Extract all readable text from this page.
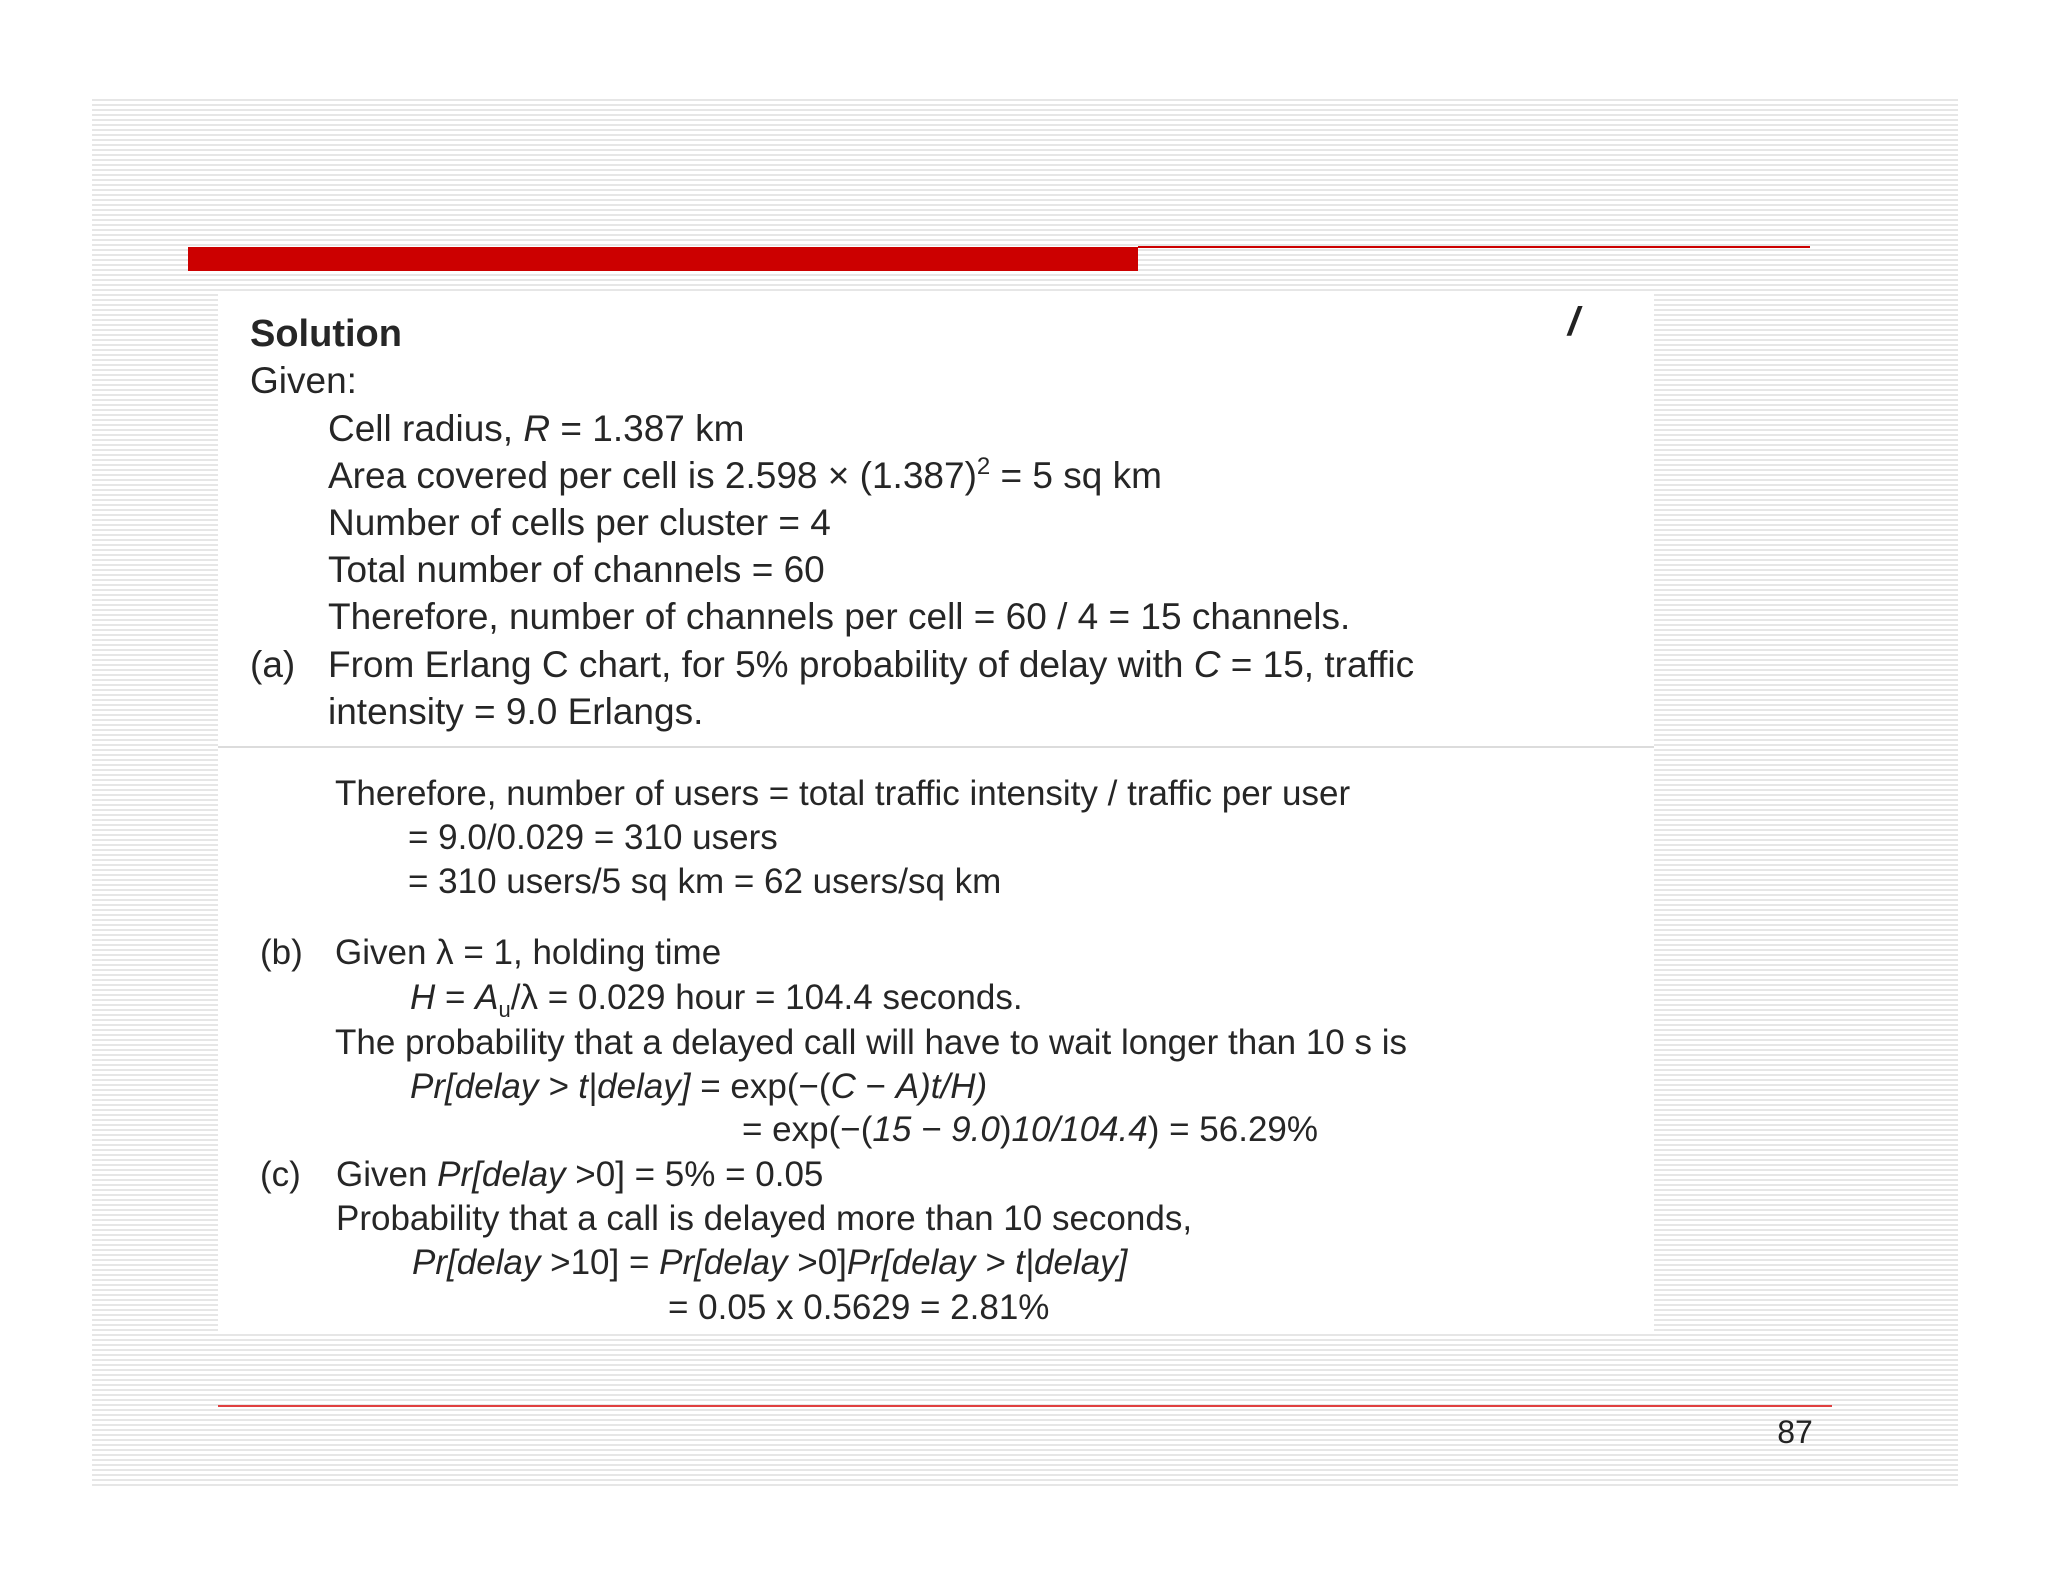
/
Solution
Given:
Cell radius, R = 1.387 km
Area covered per cell is $2.598 \times (1.387)^2 = 5$ sq km
Number of cells per cluster = 4
Total number of channels = 60
Therefore, number of channels per cell = 60 / 4 = 15 channels.
(a) From Erlang C chart, for 5% probability of delay with C = 15, traffic
intensity = 9.0 Erlangs.
Therefore, number of users = total traffic intensity / traffic per user
= 9.0/0.029 = 310 users
= 310 users/5 sq km = 62 users/sq km
(b) Given λ = 1, holding time
$H = A_u/\lambda = 0.029$ hour = 104.4 seconds.
The probability that a delayed call will have to wait longer than 10 s is
Pr[delay > t|delay] = exp(−(C − A)t/H)
= exp(−(15 − 9.0)10/104.4) = 56.29%
(c) Given Pr[delay >0] = 5% = 0.05
Probability that a call is delayed more than 10 seconds,
Pr[delay >10] = Pr[delay >0]Pr[delay > t|delay]
= 0.05 x 0.5629 = 2.81%
87
